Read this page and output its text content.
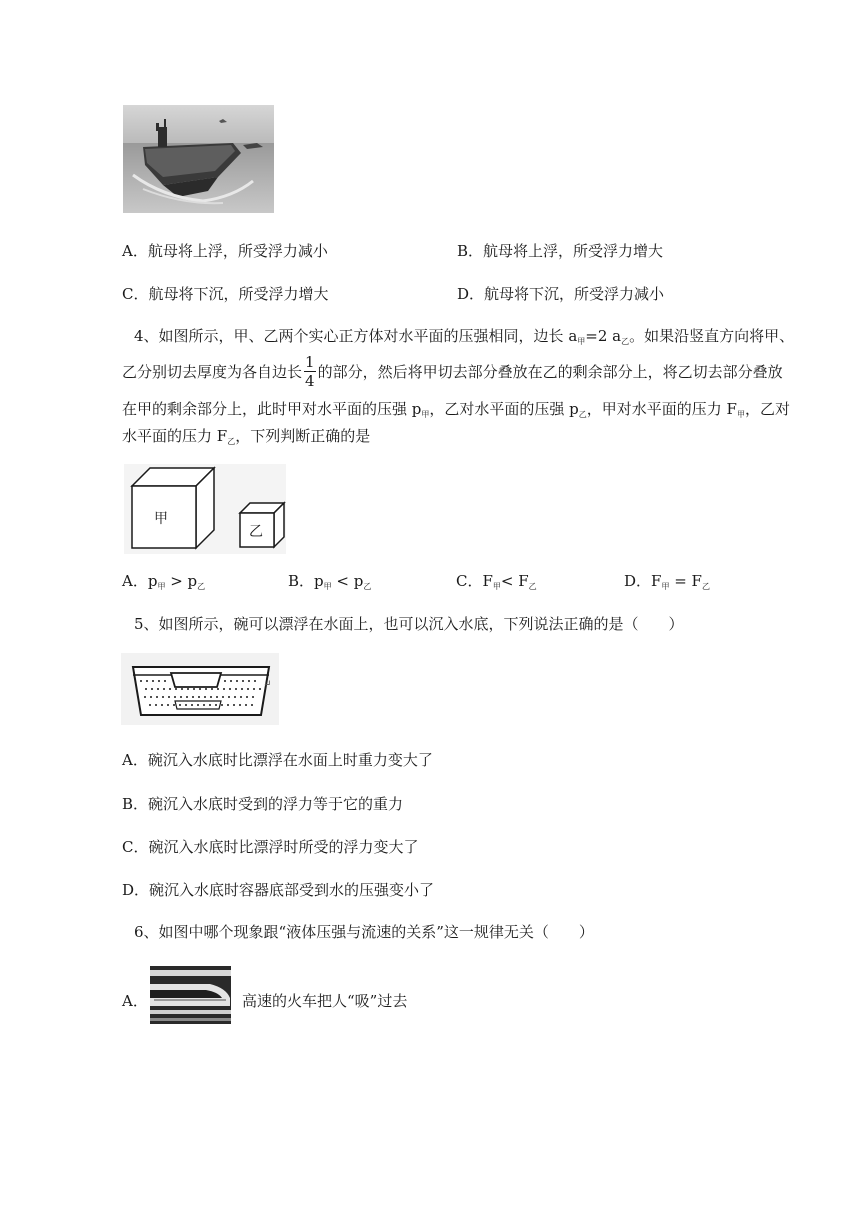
A．航母将上浮，所受浮力减小	B．航母将上浮，所受浮力增大
C．航母将下沉，所受浮力增大	D．航母将下沉，所受浮力减小
4、如图所示，甲、乙两个实心正方体对水平面的压强相同，边长 $a_甲=2$ $a_乙$。如果沿竖直方向将甲、
乙分别切去厚度为各自边长 $\frac{1}{4}$ 的部分，然后将甲切去部分叠放在乙的剩余部分上，将乙切去部分叠放
在甲的剩余部分上，此时甲对水平面的压强 $p_甲$，乙对水平面的压强 $p_乙$，甲对水平面的压力 $F_甲$，乙对
水平面的压力 $F_乙$，下列判断正确的是
甲
乙
A．$p_甲 > p_乙$	B．$p_甲 < p_乙$	C．$F_甲< F_乙$	D．$F_甲 = F_乙$
5、如图所示，碗可以漂浮在水面上，也可以沉入水底，下列说法正确的是（　　）
↵
A．碗沉入水底时比漂浮在水面上时重力变大了
B．碗沉入水底时受到的浮力等于它的重力
C．碗沉入水底时比漂浮时所受的浮力变大了
D．碗沉入水底时容器底部受到水的压强变小了
6、如图中哪个现象跟“液体压强与流速的关系”这一规律无关（　　）
A．	高速的火车把人“吸”过去
